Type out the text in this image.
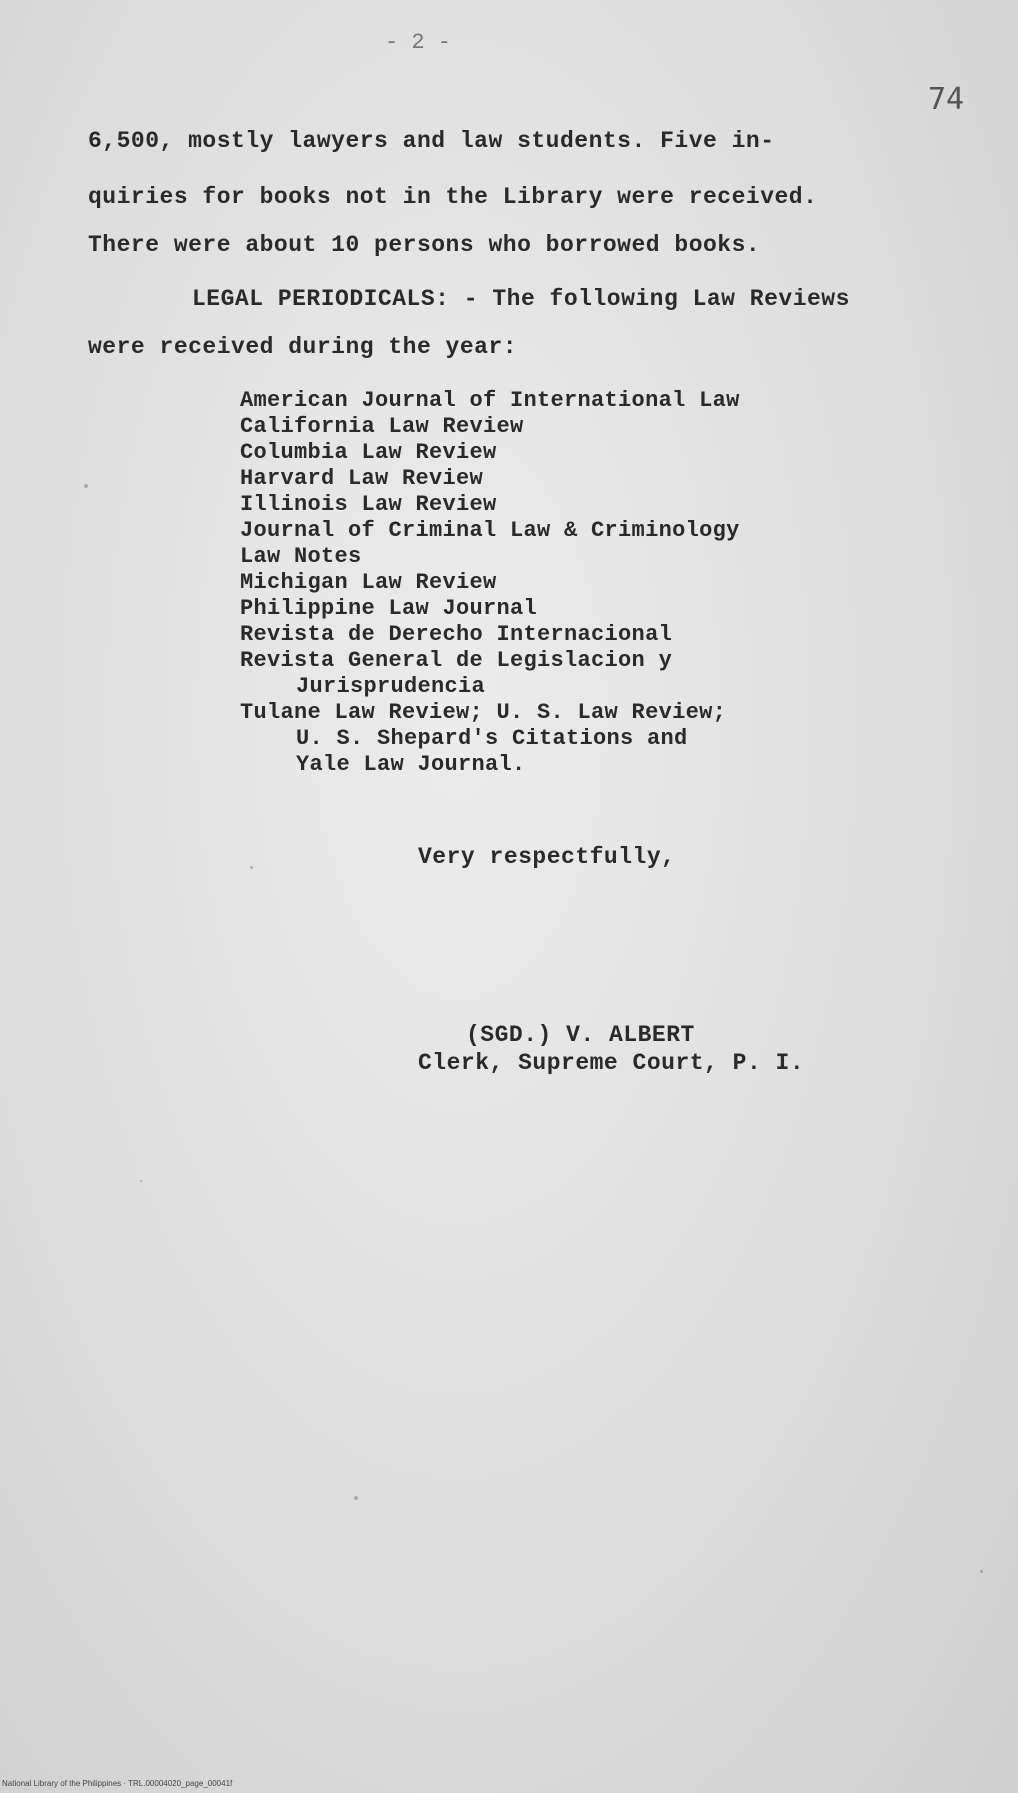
- 2 -
74
6,500, mostly lawyers and law students. Five in-
quiries for books not in the Library were received.
There were about 10 persons who borrowed books.
LEGAL PERIODICALS: - The following Law Reviews
were received during the year:
American Journal of International Law
California Law Review
Columbia Law Review
Harvard Law Review
Illinois Law Review
Journal of Criminal Law & Criminology
Law Notes
Michigan Law Review
Philippine Law Journal
Revista de Derecho Internacional
Revista General de Legislacion y
Jurisprudencia
Tulane Law Review; U. S. Law Review;
U. S. Shepard's Citations and
Yale Law Journal.
Very respectfully,
(SGD.) V. ALBERT
Clerk, Supreme Court, P. I.
National Library of the Philippines · TRL.00004020_page_00041f
